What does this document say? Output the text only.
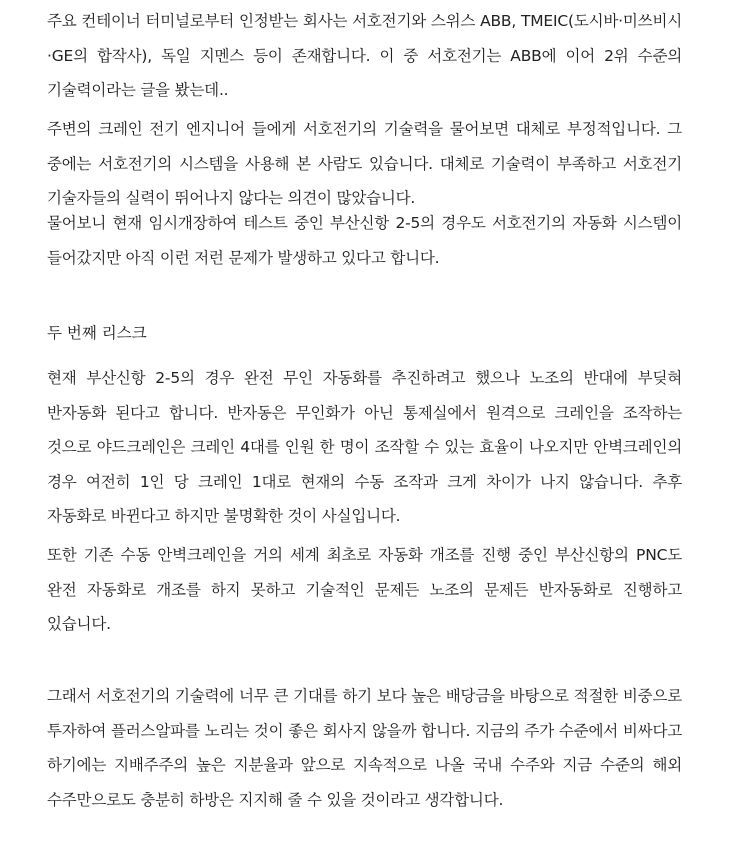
주요 컨테이너 터미널로부터 인정받는 회사는 서호전기와 스위스 ABB, TMEIC(도시바·미쓰비시·GE의 합작사), 독일 지멘스 등이 존재합니다. 이 중 서호전기는 ABB에 이어 2위 수준의 기술력이라는 글을 봤는데..

주변의 크레인 전기 엔지니어 들에게 서호전기의 기술력을 물어보면 대체로 부정적입니다. 그 중에는 서호전기의 시스템을 사용해 본 사람도 있습니다. 대체로 기술력이 부족하고 서호전기 기술자들의 실력이 뛰어나지 않다는 의견이 많았습니다.

물어보니 현재 임시개장하여 테스트 중인 부산신항 2-5의 경우도 서호전기의 자동화 시스템이 들어갔지만 아직 이런 저런 문제가 발생하고 있다고 합니다.

두 번째 리스크

현재 부산신항 2-5의 경우 완전 무인 자동화를 추진하려고 했으나 노조의 반대에 부딪혀 반자동화 된다고 합니다. 반자동은 무인화가 아닌 통제실에서 원격으로 크레인을 조작하는 것으로 야드크레인은 크레인 4대를 인원 한 명이 조작할 수 있는 효율이 나오지만 안벽크레인의 경우 여전히 1인 당 크레인 1대로 현재의 수동 조작과 크게 차이가 나지 않습니다. 추후 자동화로 바뀐다고 하지만 불명확한 것이 사실입니다.

또한 기존 수동 안벽크레인을 거의 세계 최초로 자동화 개조를 진행 중인 부산신항의 PNC도 완전 자동화로 개조를 하지 못하고 기술적인 문제든 노조의 문제든 반자동화로 진행하고 있습니다.

그래서 서호전기의 기술력에 너무 큰 기대를 하기 보다 높은 배당금을 바탕으로 적절한 비중으로 투자하여 플러스알파를 노리는 것이 좋은 회사지 않을까 합니다. 지금의 주가 수준에서 비싸다고 하기에는 지배주주의 높은 지분율과 앞으로 지속적으로 나올 국내 수주와 지금 수준의 해외 수주만으로도 충분히 하방은 지지해 줄 수 있을 것이라고 생각합니다.
